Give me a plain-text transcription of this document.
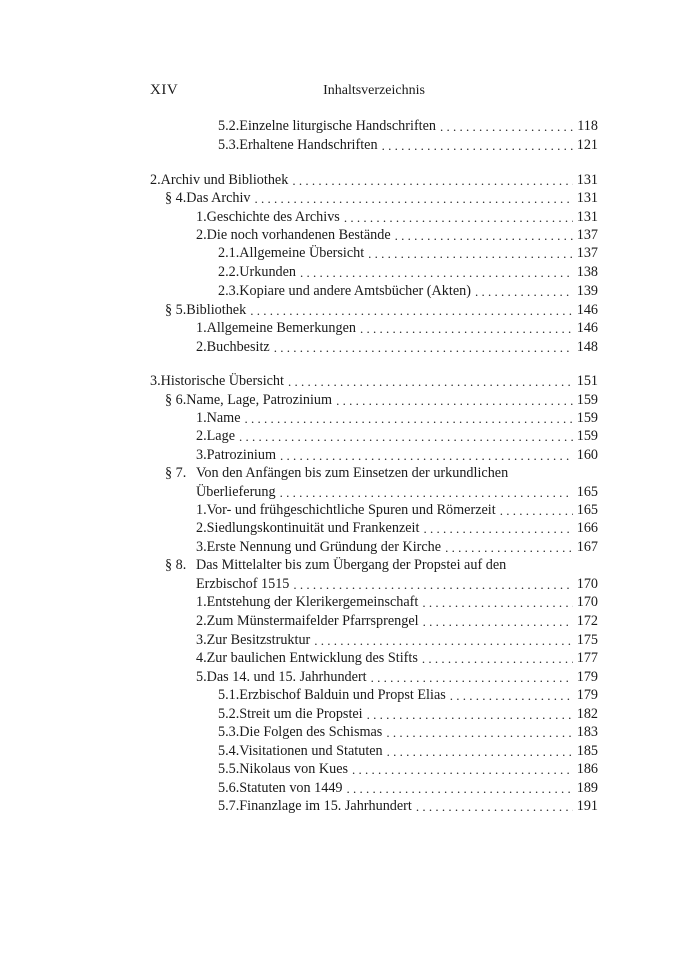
XIV	Inhaltsverzeichnis
5.2. Einzelne liturgische Handschriften . . .	118
5.3. Erhaltene Handschriften . . .	121
2. Archiv und Bibliothek . . .	131
§ 4. Das Archiv . . .	131
1. Geschichte des Archivs . . .	131
2. Die noch vorhandenen Bestände . . .	137
2.1. Allgemeine Übersicht . . .	137
2.2. Urkunden . . .	138
2.3. Kopiare und andere Amtsbücher (Akten) . . .	139
§ 5. Bibliothek . . .	146
1. Allgemeine Bemerkungen . . .	146
2. Buchbesitz . . .	148
3. Historische Übersicht . . .	151
§ 6. Name, Lage, Patrozinium . . .	159
1. Name . . .	159
2. Lage . . .	159
3. Patrozinium . . .	160
§ 7. Von den Anfängen bis zum Einsetzen der urkundlichen
Überlieferung . . .	165
1. Vor- und frühgeschichtliche Spuren und Römerzeit . . .	165
2. Siedlungskontinuität und Frankenzeit . . .	166
3. Erste Nennung und Gründung der Kirche . . .	167
§ 8. Das Mittelalter bis zum Übergang der Propstei auf den
Erzbischof 1515 . . .	170
1. Entstehung der Klerikergemeinschaft . . .	170
2. Zum Münstermaifelder Pfarrsprengel . . .	172
3. Zur Besitzstruktur . . .	175
4. Zur baulichen Entwicklung des Stifts . . .	177
5. Das 14. und 15. Jahrhundert . . .	179
5.1. Erzbischof Balduin und Propst Elias . . .	179
5.2. Streit um die Propstei . . .	182
5.3. Die Folgen des Schismas . . .	183
5.4. Visitationen und Statuten . . .	185
5.5. Nikolaus von Kues . . .	186
5.6. Statuten von 1449 . . .	189
5.7. Finanzlage im 15. Jahrhundert . . .	191
